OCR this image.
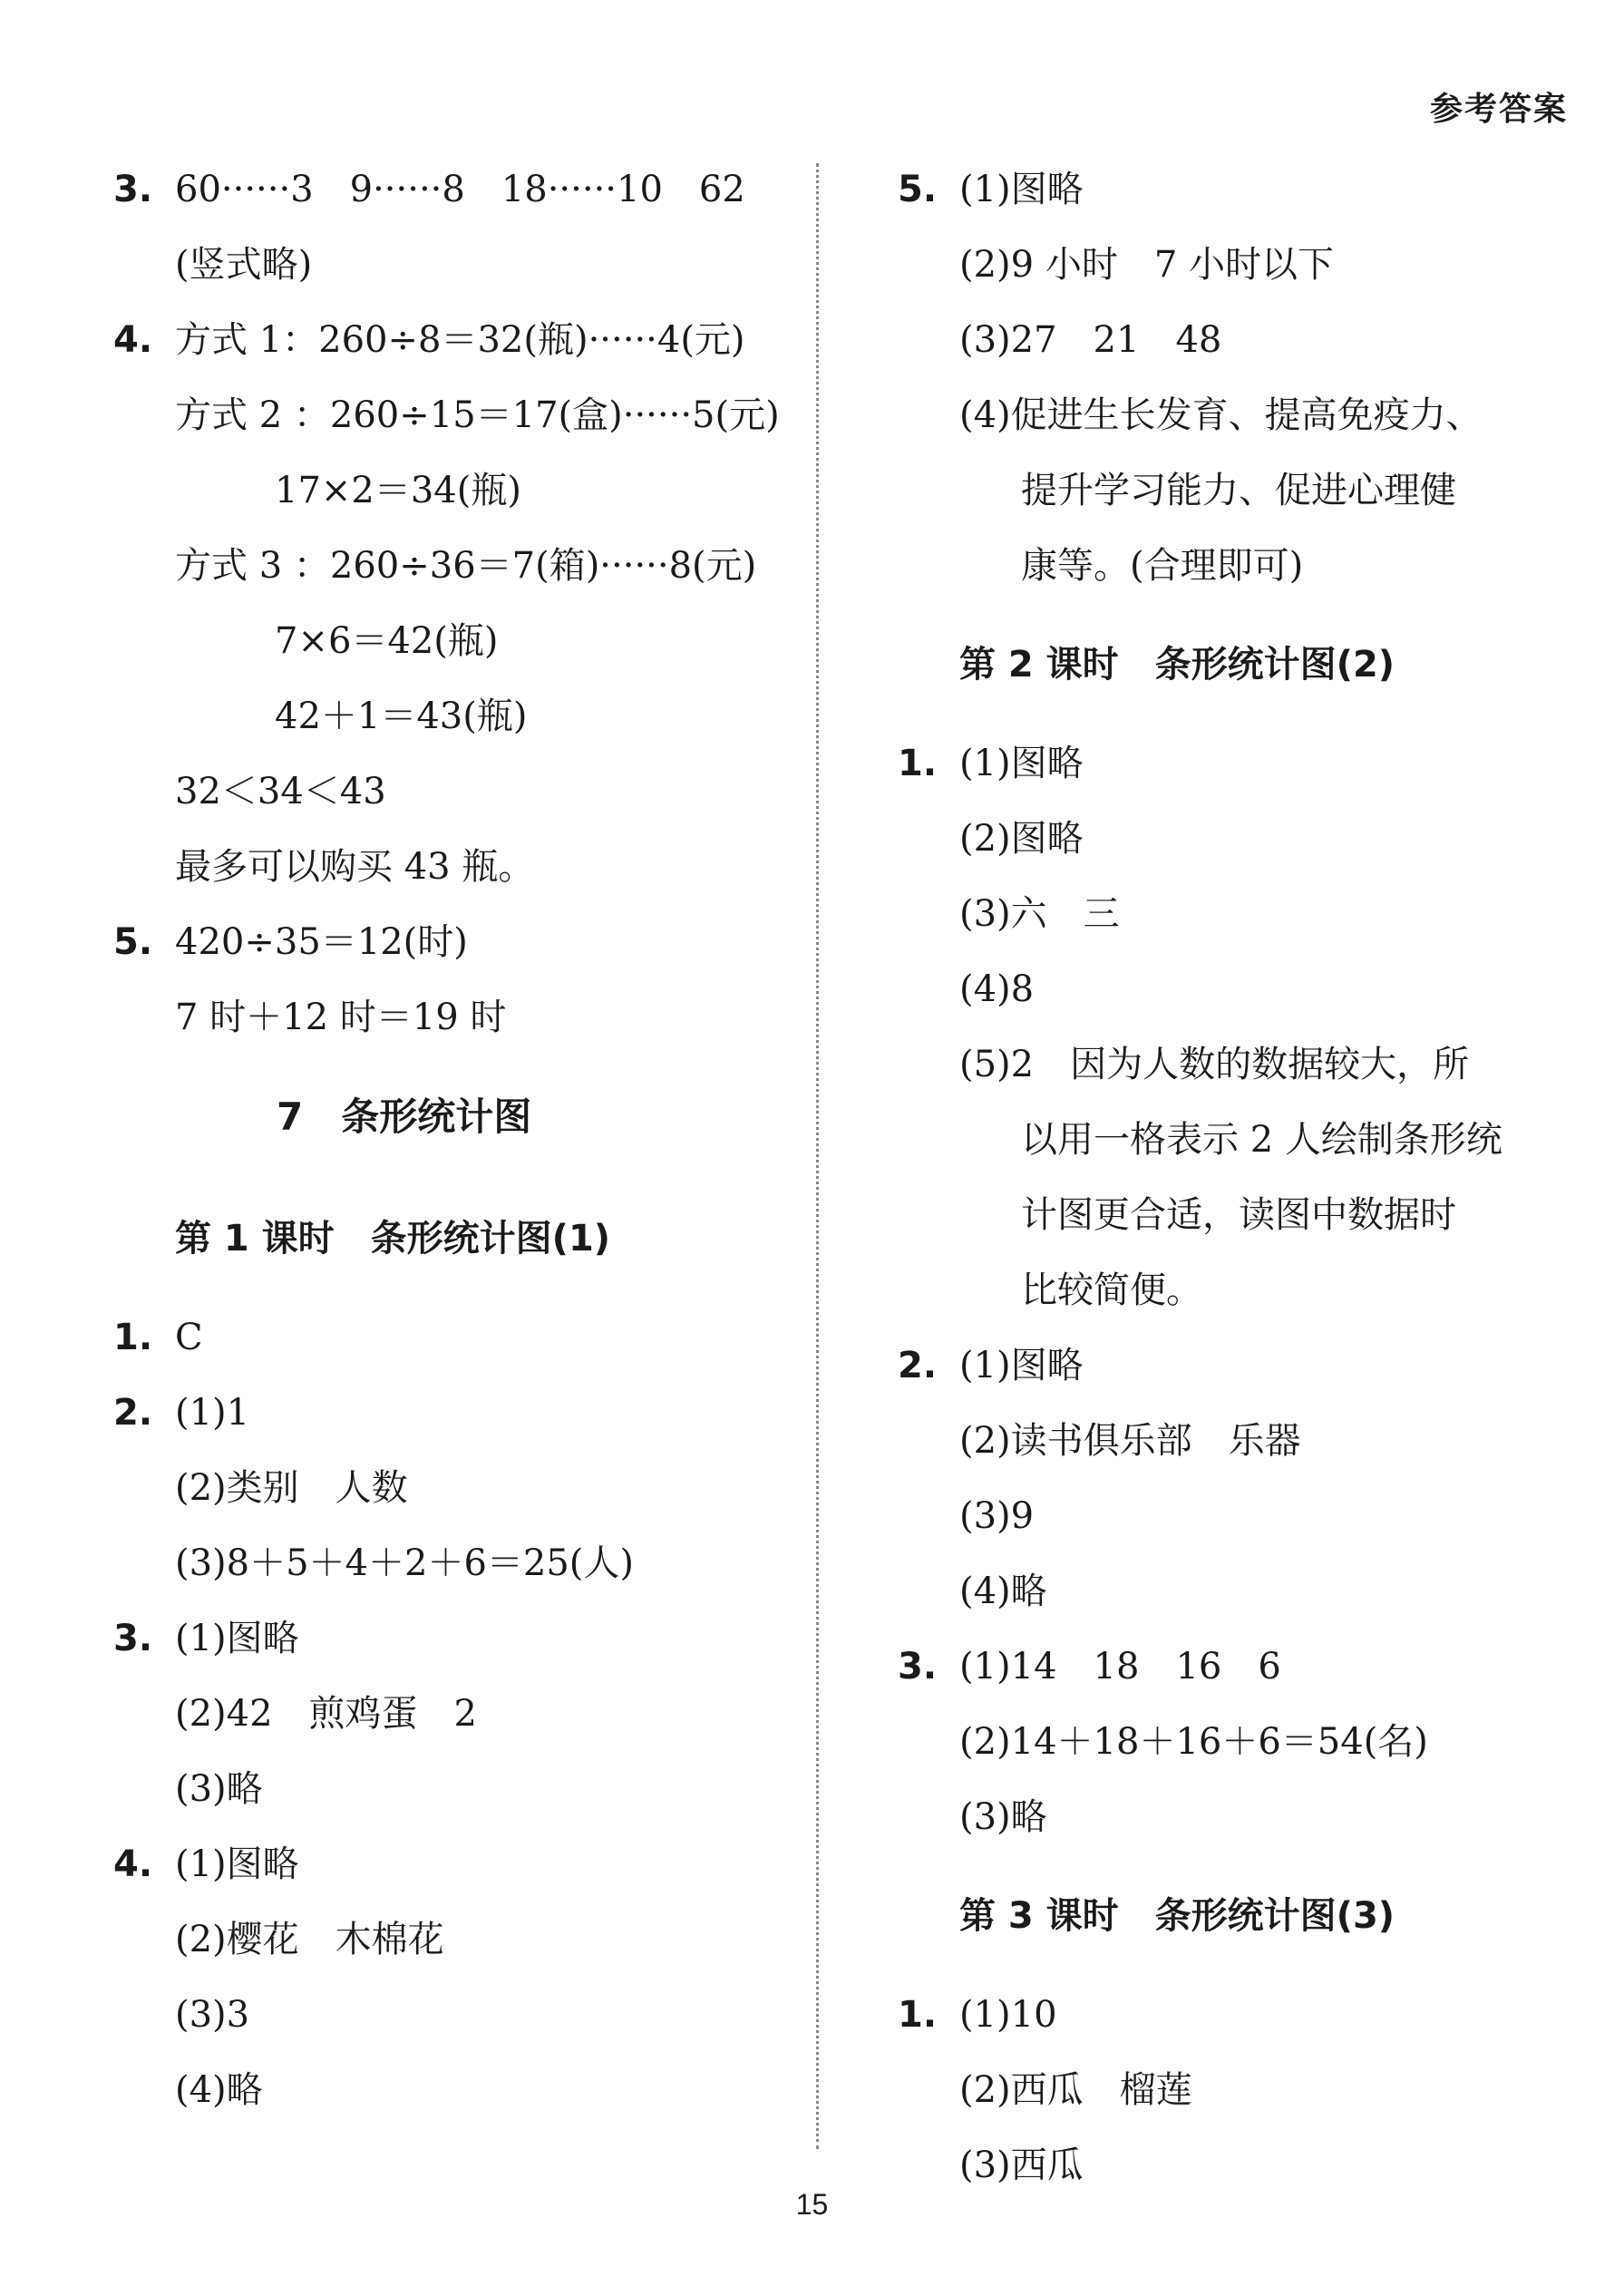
参考答案
3. 60······3　9······8　18······10　62
(竖式略)
4. 方式 1：260÷8＝32(瓶)······4(元)
方式 2 ：260÷15＝17(盒)······5(元)
17×2＝34(瓶)
方式 3 ：260÷36＝7(箱)······8(元)
7×6＝42(瓶)
42＋1＝43(瓶)
32＜34＜43
最多可以购买 43 瓶。
5. 420÷35＝12(时)
7 时＋12 时＝19 时
7　条形统计图
第 1 课时　条形统计图(1)
1. C
2. (1)1
(2)类别　人数
(3)8＋5＋4＋2＋6＝25(人)
3. (1)图略
(2)42　煎鸡蛋　2
(3)略
4. (1)图略
(2)樱花　木棉花
(3)3
(4)略
5. (1)图略
(2)9 小时　7 小时以下
(3)27　21　48
(4)促进生长发育、提高免疫力、
提升学习能力、促进心理健
康等。(合理即可)
第 2 课时　条形统计图(2)
1. (1)图略
(2)图略
(3)六　三
(4)8
(5)2　因为人数的数据较大，所
以用一格表示 2 人绘制条形统
计图更合适，读图中数据时
比较简便。
2. (1)图略
(2)读书俱乐部　乐器
(3)9
(4)略
3. (1)14　18　16　6
(2)14＋18＋16＋6＝54(名)
(3)略
第 3 课时　条形统计图(3)
1. (1)10
(2)西瓜　榴莲
(3)西瓜
15
